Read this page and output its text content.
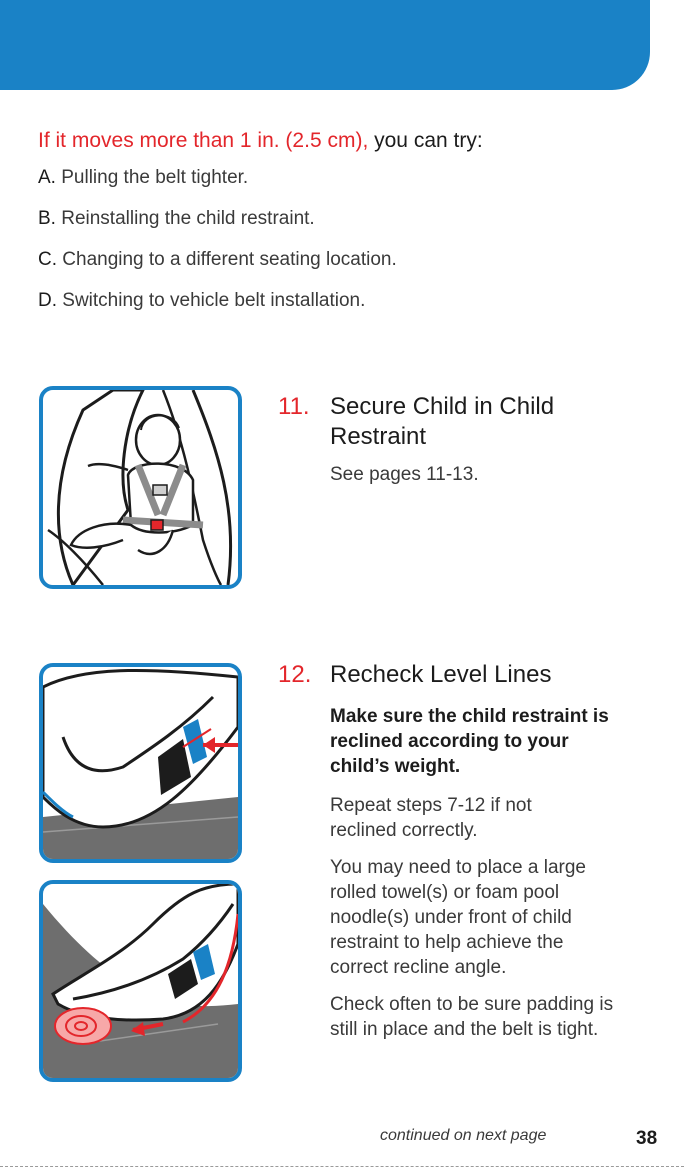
If it moves more than 1 in. (2.5 cm), you can try:

A. Pulling the belt tighter.

B. Reinstalling the child restraint.

C. Changing to a different seating location.

D. Switching to vehicle belt installation.

11. Secure Child in Child Restraint

See pages 11-13.

12. Recheck Level Lines

Make sure the child restraint is reclined according to your child’s weight.

Repeat steps 7-12 if not reclined correctly.

You may need to place a large rolled towel(s) or foam pool noodle(s) under front of child restraint to help achieve the correct recline angle.

Check often to be sure padding is still in place and the belt is tight.

continued on next page	38
